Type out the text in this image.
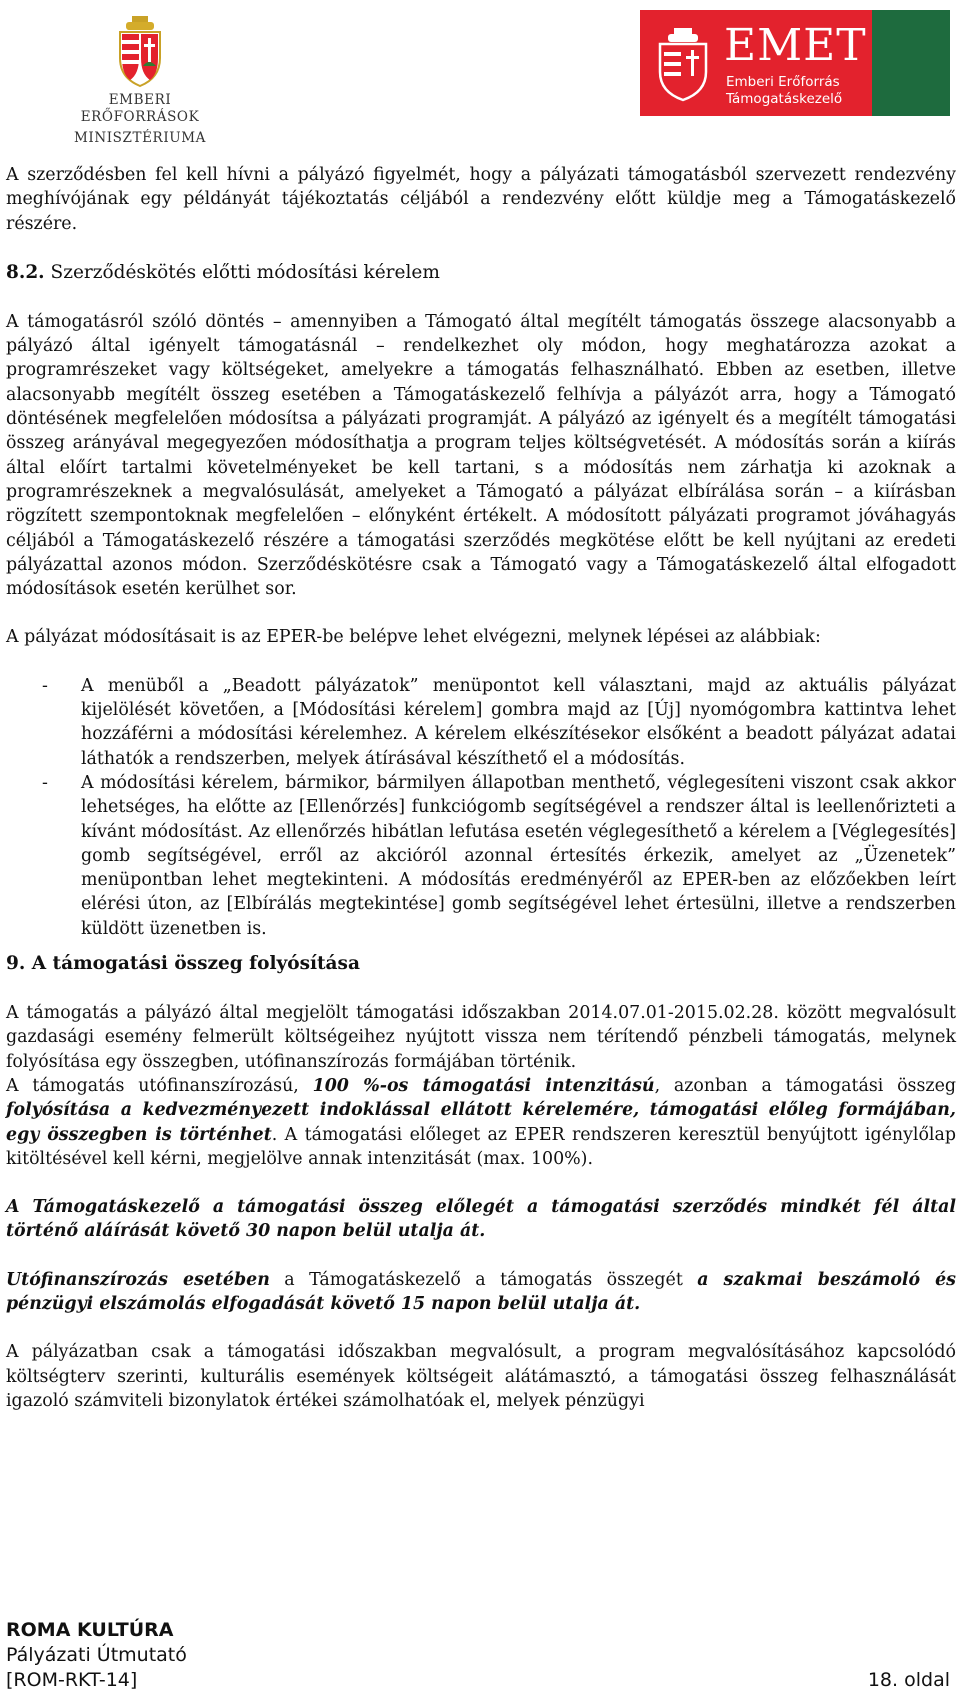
EMBERI ERŐFORRÁSOK
MINISZTÉRIUMA
EMET
Emberi Erőforrás
Támogatáskezelő

A szerződésben fel kell hívni a pályázó figyelmét, hogy a pályázati támogatásból szervezett rendezvény meghívójának egy példányát tájékoztatás céljából a rendezvény előtt küldje meg a Támogatáskezelő részére.

8.2. Szerződéskötés előtti módosítási kérelem

A támogatásról szóló döntés – amennyiben a Támogató által megítélt támogatás összege alacsonyabb a pályázó által igényelt támogatásnál – rendelkezhet oly módon, hogy meghatározza azokat a programrészeket vagy költségeket, amelyekre a támogatás felhasználható. Ebben az esetben, illetve alacsonyabb megítélt összeg esetében a Támogatáskezelő felhívja a pályázót arra, hogy a Támogató döntésének megfelelően módosítsa a pályázati programját. A pályázó az igényelt és a megítélt támogatási összeg arányával megegyezően módosíthatja a program teljes költségvetését. A módosítás során a kiírás által előírt tartalmi követelményeket be kell tartani, s a módosítás nem zárhatja ki azoknak a programrészeknek a megvalósulását, amelyeket a Támogató a pályázat elbírálása során – a kiírásban rögzített szempontoknak megfelelően – előnyként értékelt. A módosított pályázati programot jóváhagyás céljából a Támogatáskezelő részére a támogatási szerződés megkötése előtt be kell nyújtani az eredeti pályázattal azonos módon. Szerződéskötésre csak a Támogató vagy a Támogatáskezelő által elfogadott módosítások esetén kerülhet sor.

A pályázat módosításait is az EPER-be belépve lehet elvégezni, melynek lépései az alábbiak:

- A menüből a „Beadott pályázatok” menüpontot kell választani, majd az aktuális pályázat kijelölését követően, a [Módosítási kérelem] gombra majd az [Új] nyomógombra kattintva lehet hozzáférni a módosítási kérelemhez. A kérelem elkészítésekor elsőként a beadott pályázat adatai láthatók a rendszerben, melyek átírásával készíthető el a módosítás.
- A módosítási kérelem, bármikor, bármilyen állapotban menthető, véglegesíteni viszont csak akkor lehetséges, ha előtte az [Ellenőrzés] funkciógomb segítségével a rendszer által is leellenőrizteti a kívánt módosítást. Az ellenőrzés hibátlan lefutása esetén véglegesíthető a kérelem a [Véglegesítés] gomb segítségével, erről az akcióról azonnal értesítés érkezik, amelyet az „Üzenetek” menüpontban lehet megtekinteni. A módosítás eredményéről az EPER-ben az előzőekben leírt elérési úton, az [Elbírálás megtekintése] gomb segítségével lehet értesülni, illetve a rendszerben küldött üzenetben is.
9. A támogatási összeg folyósítása

A támogatás a pályázó által megjelölt támogatási időszakban 2014.07.01-2015.02.28. között megvalósult gazdasági esemény felmerült költségeihez nyújtott vissza nem térítendő pénzbeli támogatás, melynek folyósítása egy összegben, utófinanszírozás formájában történik.

A támogatás utófinanszírozású, 100 %-os támogatási intenzitású, azonban a támogatási összeg folyósítása a kedvezményezett indoklással ellátott kérelemére, támogatási előleg formájában, egy összegben is történhet. A támogatási előleget az EPER rendszeren keresztül benyújtott igénylőlap kitöltésével kell kérni, megjelölve annak intenzitását (max. 100%).

A Támogatáskezelő a támogatási összeg előlegét a támogatási szerződés mindkét fél által történő aláírását követő 30 napon belül utalja át.

Utófinanszírozás esetében a Támogatáskezelő a támogatás összegét a szakmai beszámoló és pénzügyi elszámolás elfogadását követő 15 napon belül utalja át.

A pályázatban csak a támogatási időszakban megvalósult, a program megvalósításához kapcsolódó költségterv szerinti, kulturális események költségeit alátámasztó, a támogatási összeg felhasználását igazoló számviteli bizonylatok értékei számolhatóak el, melyek pénzügyi

ROMA KULTÚRA
Pályázati Útmutató
[ROM-RKT-14]	18. oldal
